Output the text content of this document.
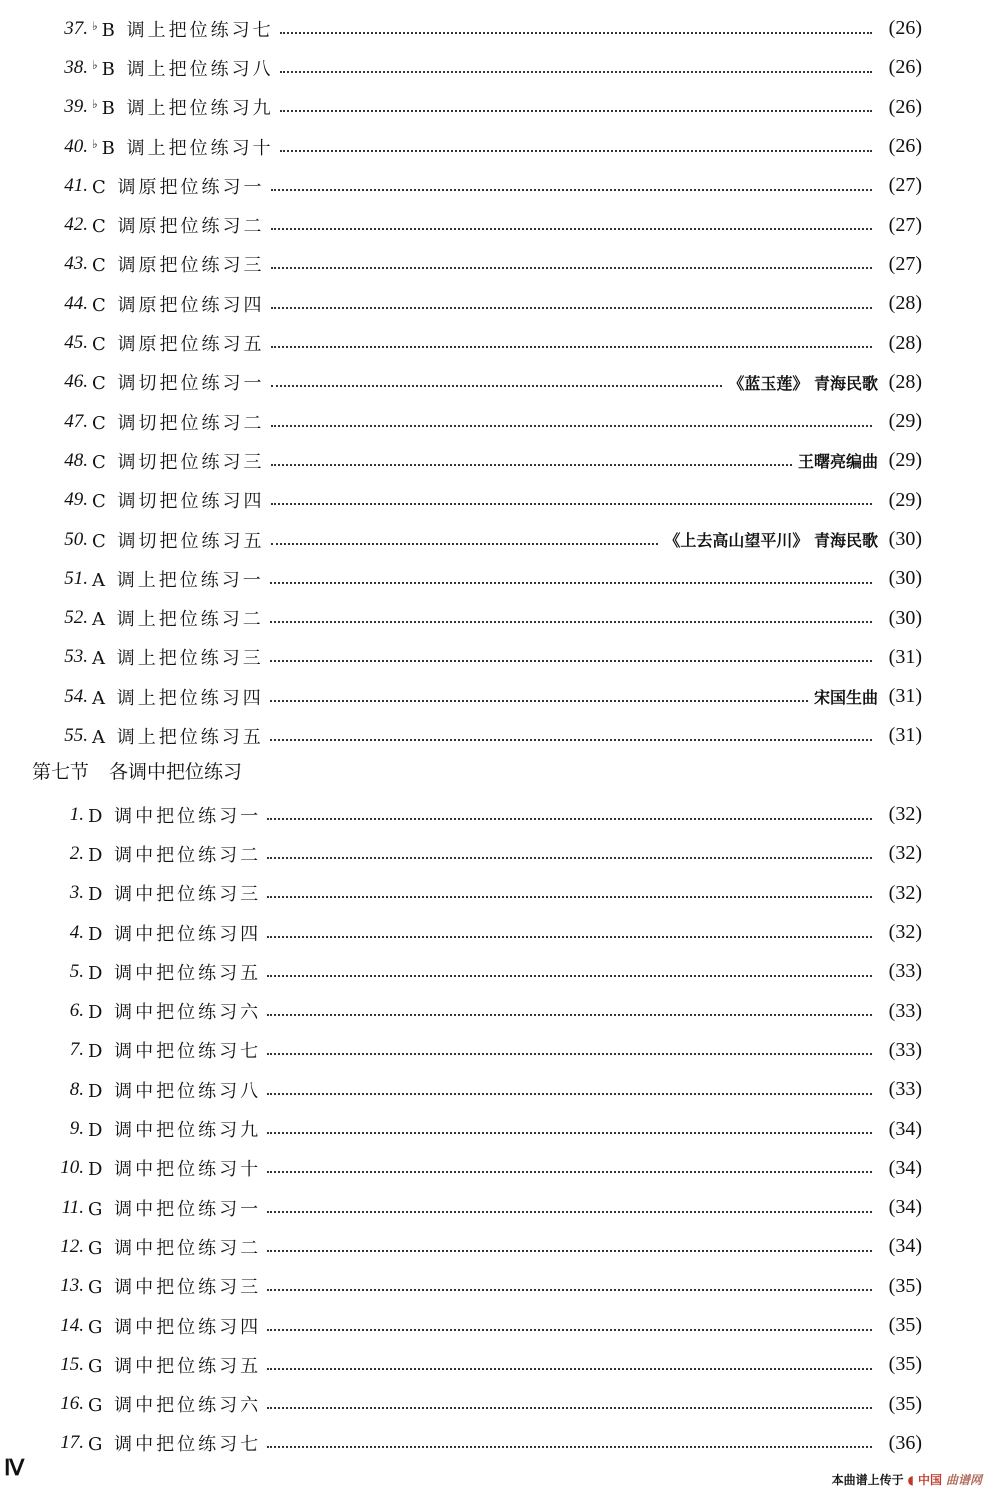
37. ♭B 调上把位练习七	(26)
38. ♭B 调上把位练习八	(26)
39. ♭B 调上把位练习九	(26)
40. ♭B 调上把位练习十	(26)
41. C 调原把位练习一	(27)
42. C 调原把位练习二	(27)
43. C 调原把位练习三	(27)
44. C 调原把位练习四	(28)
45. C 调原把位练习五	(28)
46. C 调切把位练习一	《蓝玉莲》 青海民歌 (28)
47. C 调切把位练习二	(29)
48. C 调切把位练习三	王曙亮编曲 (29)
49. C 调切把位练习四	(29)
50. C 调切把位练习五	《上去高山望平川》 青海民歌 (30)
51. A 调上把位练习一	(30)
52. A 调上把位练习二	(30)
53. A 调上把位练习三	(31)
54. A 调上把位练习四	宋国生曲 (31)
55. A 调上把位练习五	(31)
第七节 各调中把位练习
1. D 调中把位练习一	(32)
2. D 调中把位练习二	(32)
3. D 调中把位练习三	(32)
4. D 调中把位练习四	(32)
5. D 调中把位练习五	(33)
6. D 调中把位练习六	(33)
7. D 调中把位练习七	(33)
8. D 调中把位练习八	(33)
9. D 调中把位练习九	(34)
10. D 调中把位练习十	(34)
11. G 调中把位练习一	(34)
12. G 调中把位练习二	(34)
13. G 调中把位练习三	(35)
14. G 调中把位练习四	(35)
15. G 调中把位练习五	(35)
16. G 调中把位练习六	(35)
17. G 调中把位练习七	(36)
Ⅳ	本曲谱上传于 ◖ 中国 曲谱网
